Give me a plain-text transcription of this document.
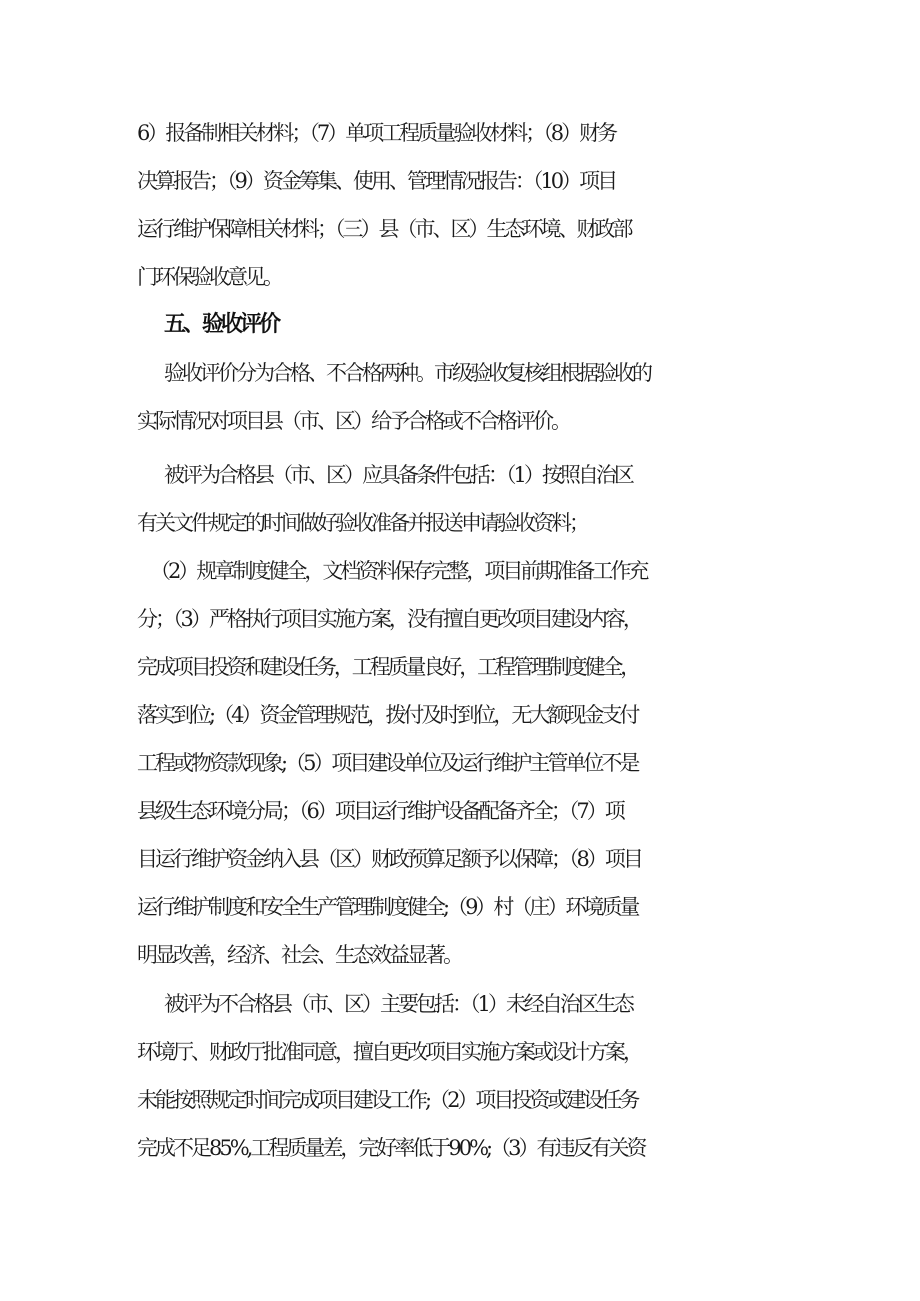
6）报备制相关材料；（7）单项工程质量验收材料；（8）财务
决算报告；（9）资金筹集、使用、管理情况报告：（10）项目
运行维护保障相关材料；（三）县（市、区）生态环境、财政部
门环保验收意见。
五、验收评价
验收评价分为合格、不合格两种。市级验收复核组根据验收的
实际情况对项目县（市、区）给予合格或不合格评价。
被评为合格县（市、区）应具备条件包括：（1）按照自治区
有关文件规定的时间做好验收准备并报送申请验收资料；
（2）规章制度健全，文档资料保存完整，项目前期准备工作充
分；（3）严格执行项目实施方案，没有擅自更改项目建设内容，
完成项目投资和建设任务，工程质量良好，工程管理制度健全，
落实到位;（4）资金管理规范，拨付及时到位，无大额现金支付
工程或物资款现象;（5）项目建设单位及运行维护主管单位不是
县级生态环境分局；（6）项目运行维护设备配备齐全；（7）项
目运行维护资金纳入县（区）财政预算足额予以保障；（8）项目
运行维护制度和安全生产管理制度健全;（9）村（庄）环境质量
明显改善，经济、社会、生态效益显著。
被评为不合格县（市、区）主要包括：（1）未经自治区生态
环境厅、财政厅批准同意，擅自更改项目实施方案或设计方案，
未能按照规定时间完成项目建设工作;（2）项目投资或建设任务
完成不足85%,工程质量差，完好率低于90%;（3）有违反有关资
